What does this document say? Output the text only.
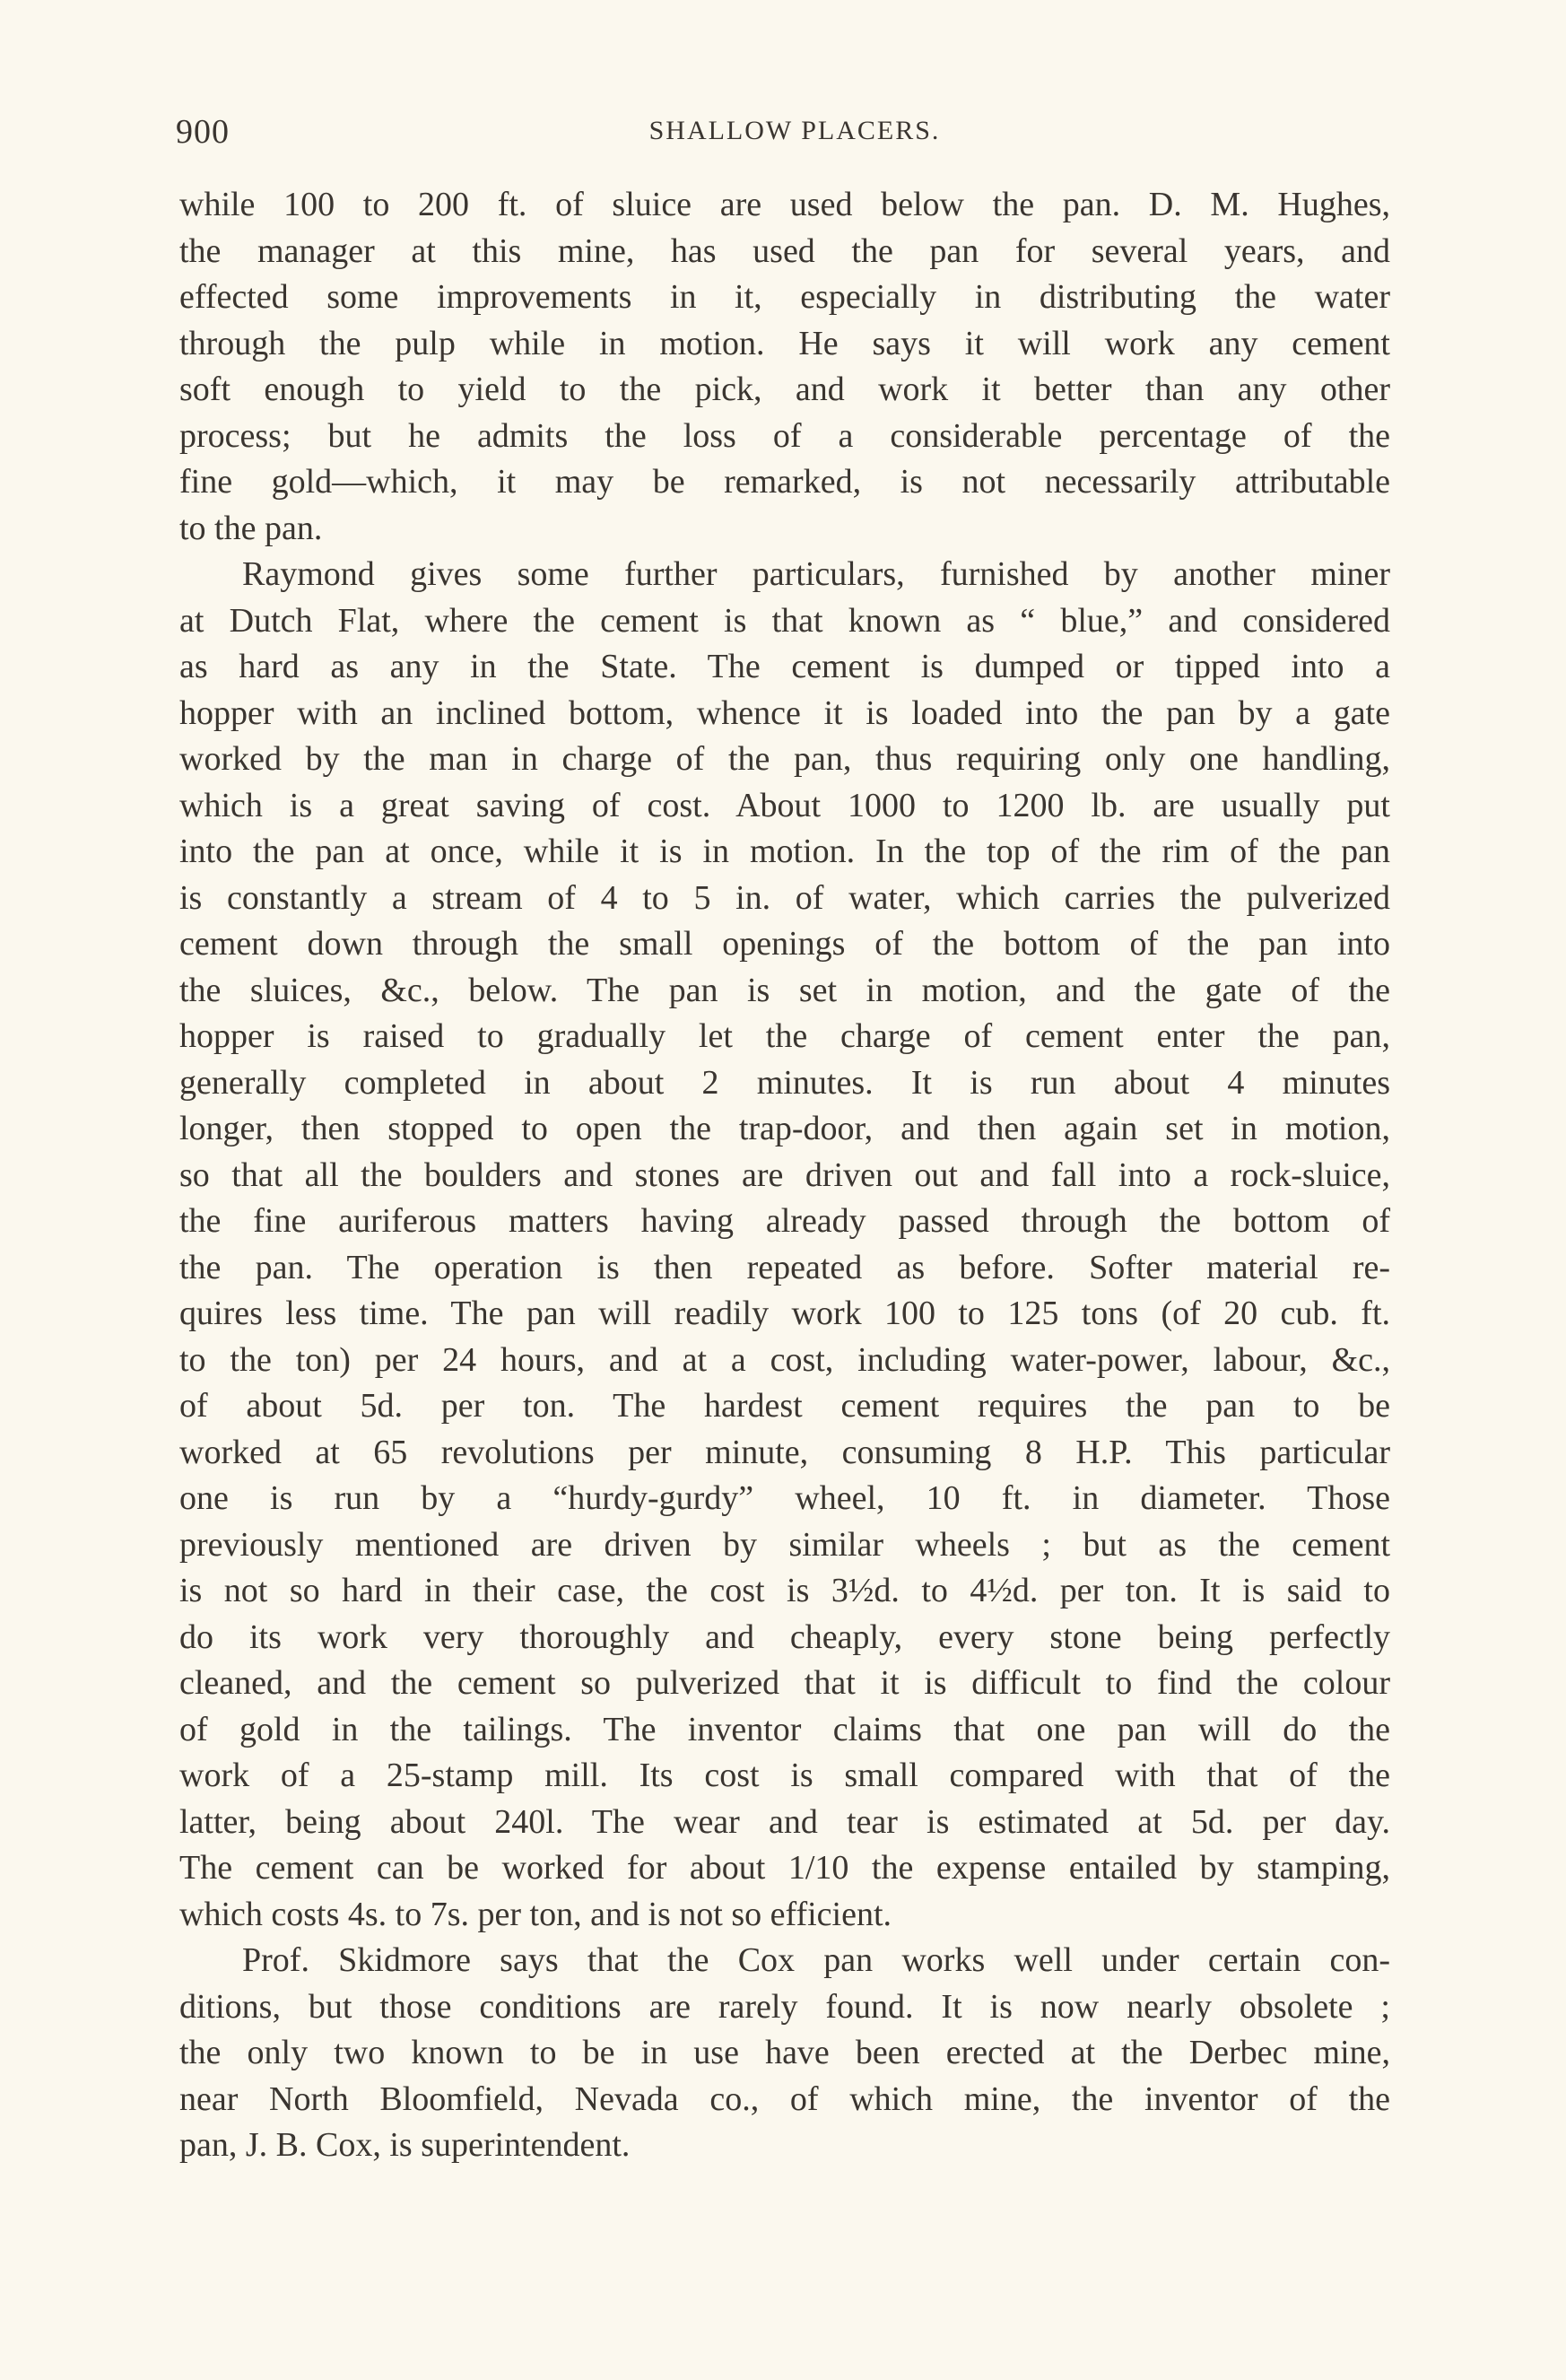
900	SHALLOW PLACERS.

while 100 to 200 ft. of sluice are used below the pan. D. M. Hughes,
the manager at this mine, has used the pan for several years, and
effected some improvements in it, especially in distributing the water
through the pulp while in motion. He says it will work any cement
soft enough to yield to the pick, and work it better than any other
process; but he admits the loss of a considerable percentage of the
fine gold—which, it may be remarked, is not necessarily attributable
to the pan.

Raymond gives some further particulars, furnished by another miner
at Dutch Flat, where the cement is that known as “ blue,” and considered
as hard as any in the State. The cement is dumped or tipped into a
hopper with an inclined bottom, whence it is loaded into the pan by a gate
worked by the man in charge of the pan, thus requiring only one handling,
which is a great saving of cost. About 1000 to 1200 lb. are usually put
into the pan at once, while it is in motion. In the top of the rim of the pan
is constantly a stream of 4 to 5 in. of water, which carries the pulverized
cement down through the small openings of the bottom of the pan into
the sluices, &c., below. The pan is set in motion, and the gate of the
hopper is raised to gradually let the charge of cement enter the pan,
generally completed in about 2 minutes. It is run about 4 minutes
longer, then stopped to open the trap-door, and then again set in motion,
so that all the boulders and stones are driven out and fall into a rock-sluice,
the fine auriferous matters having already passed through the bottom of
the pan. The operation is then repeated as before. Softer material re-
quires less time. The pan will readily work 100 to 125 tons (of 20 cub. ft.
to the ton) per 24 hours, and at a cost, including water-power, labour, &c.,
of about 5d. per ton. The hardest cement requires the pan to be
worked at 65 revolutions per minute, consuming 8 H.P. This particular
one is run by a “hurdy-gurdy” wheel, 10 ft. in diameter. Those
previously mentioned are driven by similar wheels ; but as the cement
is not so hard in their case, the cost is 3½d. to 4½d. per ton. It is said to
do its work very thoroughly and cheaply, every stone being perfectly
cleaned, and the cement so pulverized that it is difficult to find the colour
of gold in the tailings. The inventor claims that one pan will do the
work of a 25-stamp mill. Its cost is small compared with that of the
latter, being about 240l. The wear and tear is estimated at 5d. per day.
The cement can be worked for about 1/10 the expense entailed by stamping,
which costs 4s. to 7s. per ton, and is not so efficient.

Prof. Skidmore says that the Cox pan works well under certain con-
ditions, but those conditions are rarely found. It is now nearly obsolete ;
the only two known to be in use have been erected at the Derbec mine,
near North Bloomfield, Nevada co., of which mine, the inventor of the
pan, J. B. Cox, is superintendent.
